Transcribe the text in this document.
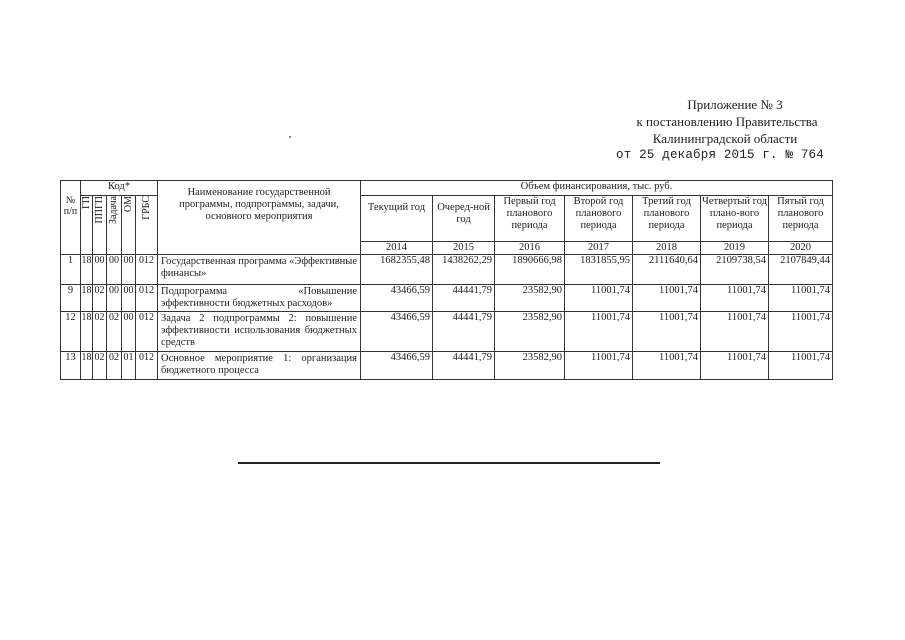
Приложение № 3
к постановлению Правительства
Калининградской области
от 25 декабря 2015 г. № 764
№ п/п	Код*					Наименование государственной программы, подпрограммы, задачи, основного мероприятия	Объем финансирования, тыс. руб.						

	ГП	ППГП	Задача	ОМ	ГРБС		Текущий год	Очеред-ной год	Первый год планового периода	Второй год планового периода	Третий год планового периода	Четвертый год плано-вого периода	Пятый год планового периода
							2014	2015	2016	2017	2018	2019	2020
1	18	00	00	00	012	Государственная программа «Эффективные финансы»	1682355,48	1438262,29	1890666,98	1831855,95	2111640,64	2109738,54	2107849,44
9	18	02	00	00	012	Подпрограмма «Повышение эффективности бюджетных расходов»	43466,59	44441,79	23582,90	11001,74	11001,74	11001,74	11001,74
12	18	02	02	00	012	Задача 2 подпрограммы 2: повышение эффективности использования бюджетных средств	43466,59	44441,79	23582,90	11001,74	11001,74	11001,74	11001,74
13	18	02	02	01	012	Основное мероприятие 1: организация бюджетного процесса	43466,59	44441,79	23582,90	11001,74	11001,74	11001,74	11001,74
